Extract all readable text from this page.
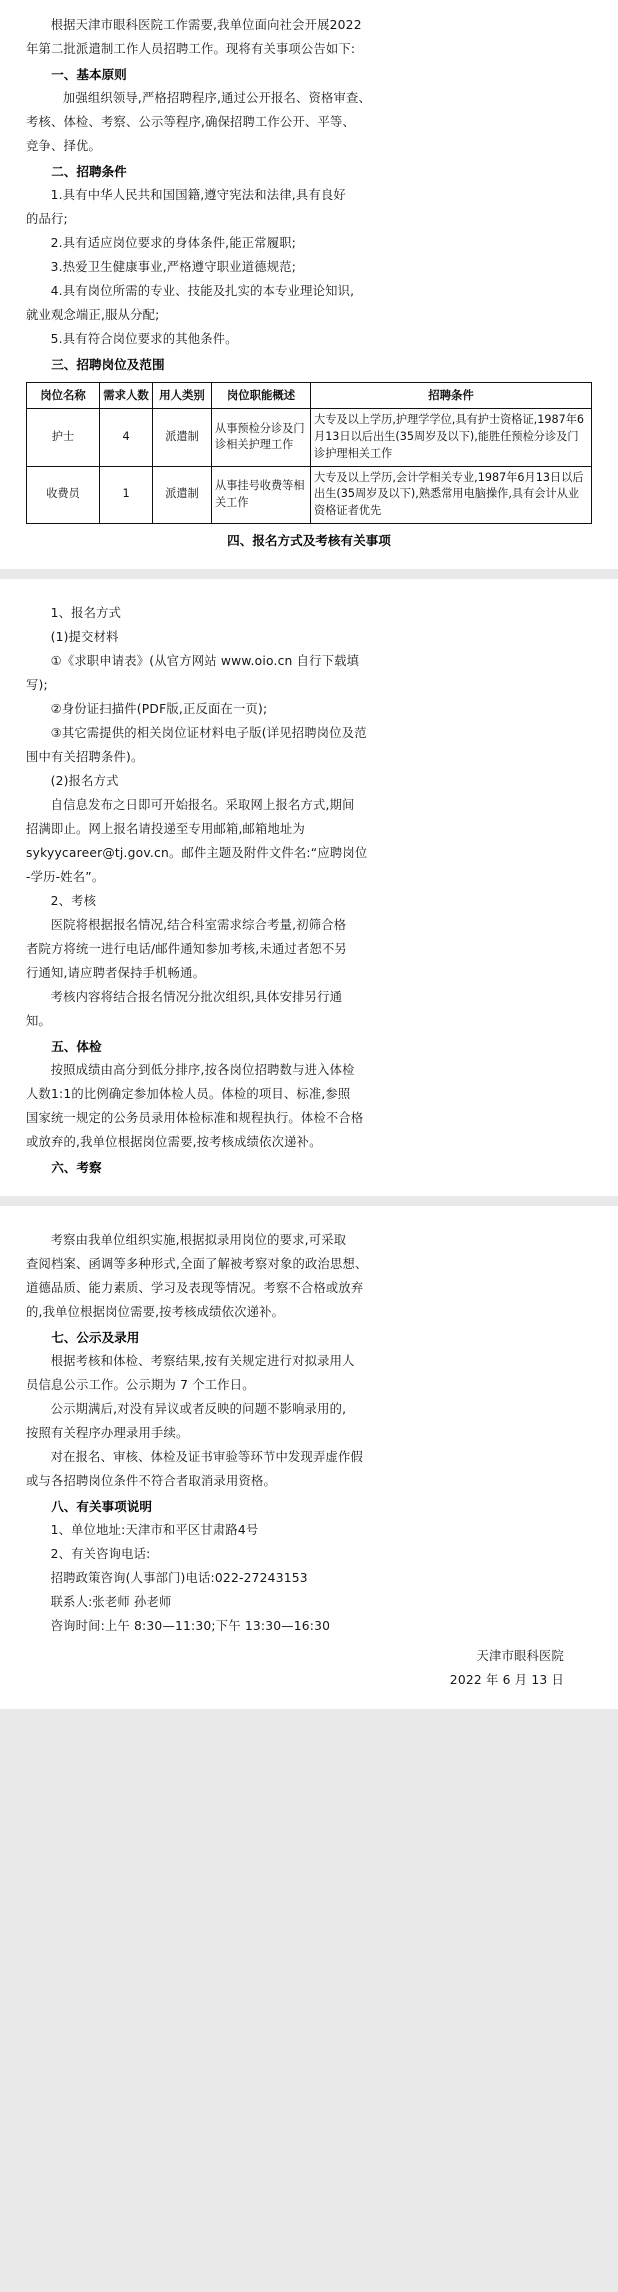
根据天津市眼科医院工作需要,我单位面向社会开展2022
年第二批派遣制工作人员招聘工作。现将有关事项公告如下:
一、基本原则
加强组织领导,严格招聘程序,通过公开报名、资格审查、
考核、体检、考察、公示等程序,确保招聘工作公开、平等、
竞争、择优。
二、招聘条件
1.具有中华人民共和国国籍,遵守宪法和法律,具有良好
的品行;
2.具有适应岗位要求的身体条件,能正常履职;
3.热爱卫生健康事业,严格遵守职业道德规范;
4.具有岗位所需的专业、技能及扎实的本专业理论知识,
就业观念端正,服从分配;
5.具有符合岗位要求的其他条件。
三、招聘岗位及范围
岗位名称	需求人数	用人类别	岗位职能概述	招聘条件
护士	4	派遣制	从事预检分诊及门诊相关护理工作	大专及以上学历,护理学学位,具有护士资格证,1987年6月13日以后出生(35周岁及以下),能胜任预检分诊及门诊护理相关工作
收费员	1	派遣制	从事挂号收费等相关工作	大专及以上学历,会计学相关专业,1987年6月13日以后出生(35周岁及以下),熟悉常用电脑操作,具有会计从业资格证者优先
四、报名方式及考核有关事项
1、报名方式
(1)提交材料
①《求职申请表》(从官方网站 www.oio.cn 自行下载填
写);
②身份证扫描件(PDF版,正反面在一页);
③其它需提供的相关岗位证材料电子版(详见招聘岗位及范
围中有关招聘条件)。
(2)报名方式
自信息发布之日即可开始报名。采取网上报名方式,期间
招满即止。网上报名请投递至专用邮箱,邮箱地址为
sykyycareer@tj.gov.cn。邮件主题及附件文件名:“应聘岗位
-学历-姓名”。
2、考核
医院将根据报名情况,结合科室需求综合考量,初筛合格
者院方将统一进行电话/邮件通知参加考核,未通过者恕不另
行通知,请应聘者保持手机畅通。
考核内容将结合报名情况分批次组织,具体安排另行通
知。
五、体检
按照成绩由高分到低分排序,按各岗位招聘数与进入体检
人数1:1的比例确定参加体检人员。体检的项目、标准,参照
国家统一规定的公务员录用体检标准和规程执行。体检不合格
或放弃的,我单位根据岗位需要,按考核成绩依次递补。
六、考察
考察由我单位组织实施,根据拟录用岗位的要求,可采取
查阅档案、函调等多种形式,全面了解被考察对象的政治思想、
道德品质、能力素质、学习及表现等情况。考察不合格或放弃
的,我单位根据岗位需要,按考核成绩依次递补。
七、公示及录用
根据考核和体检、考察结果,按有关规定进行对拟录用人
员信息公示工作。公示期为 7 个工作日。
公示期满后,对没有异议或者反映的问题不影响录用的,
按照有关程序办理录用手续。
对在报名、审核、体检及证书审验等环节中发现弄虚作假
或与各招聘岗位条件不符合者取消录用资格。
八、有关事项说明
1、单位地址:天津市和平区甘肃路4号
2、有关咨询电话:
招聘政策咨询(人事部门)电话:022-27243153
联系人:张老师 孙老师
咨询时间:上午 8:30—11:30;下午 13:30—16:30
天津市眼科医院
2022 年 6 月 13 日
